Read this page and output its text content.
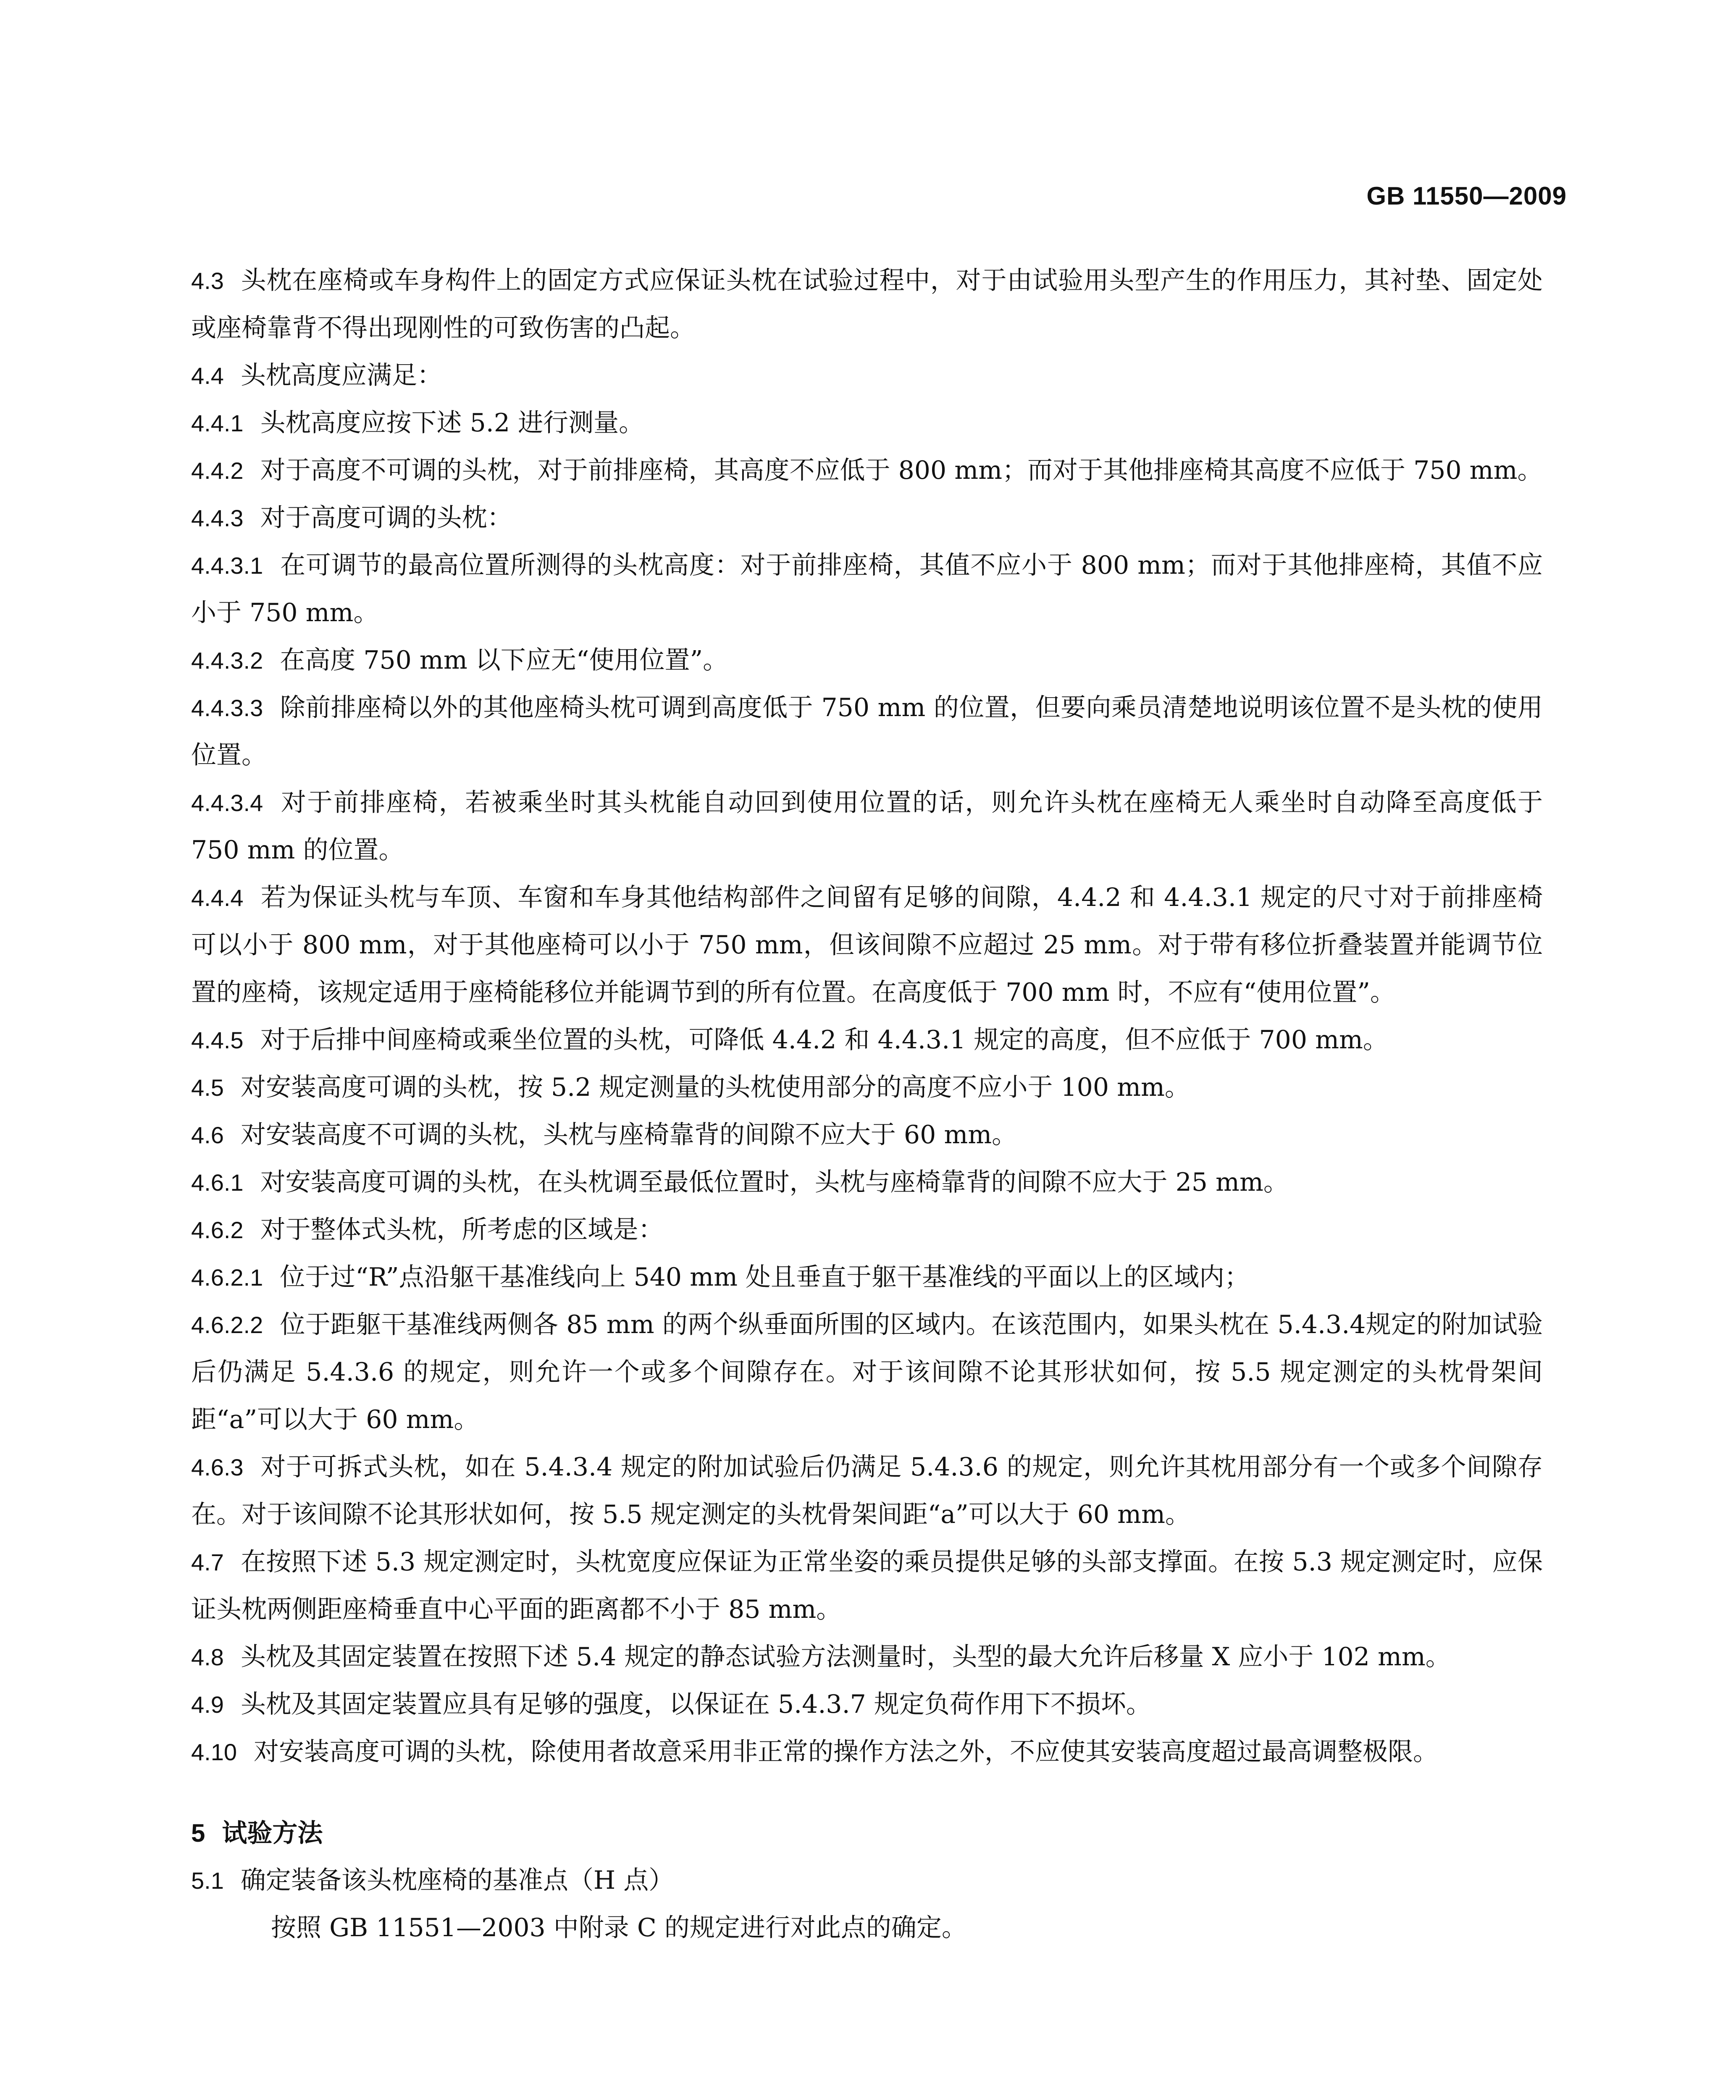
GB 11550—2009

4.3 头枕在座椅或车身构件上的固定方式应保证头枕在试验过程中，对于由试验用头型产生的作用压力，其衬垫、固定处或座椅靠背不得出现刚性的可致伤害的凸起。

4.4 头枕高度应满足：

4.4.1 头枕高度应按下述 5.2 进行测量。

4.4.2 对于高度不可调的头枕，对于前排座椅，其高度不应低于 800 mm；而对于其他排座椅其高度不应低于 750 mm。

4.4.3 对于高度可调的头枕：

4.4.3.1 在可调节的最高位置所测得的头枕高度：对于前排座椅，其值不应小于 800 mm；而对于其他排座椅，其值不应小于 750 mm。

4.4.3.2 在高度 750 mm 以下应无“使用位置”。

4.4.3.3 除前排座椅以外的其他座椅头枕可调到高度低于 750 mm 的位置，但要向乘员清楚地说明该位置不是头枕的使用位置。

4.4.3.4 对于前排座椅，若被乘坐时其头枕能自动回到使用位置的话，则允许头枕在座椅无人乘坐时自动降至高度低于 750 mm 的位置。

4.4.4 若为保证头枕与车顶、车窗和车身其他结构部件之间留有足够的间隙，4.4.2 和 4.4.3.1 规定的尺寸对于前排座椅可以小于 800 mm，对于其他座椅可以小于 750 mm，但该间隙不应超过 25 mm。对于带有移位折叠装置并能调节位置的座椅，该规定适用于座椅能移位并能调节到的所有位置。在高度低于 700 mm 时，不应有“使用位置”。

4.4.5 对于后排中间座椅或乘坐位置的头枕，可降低 4.4.2 和 4.4.3.1 规定的高度，但不应低于 700 mm。

4.5 对安装高度可调的头枕，按 5.2 规定测量的头枕使用部分的高度不应小于 100 mm。

4.6 对安装高度不可调的头枕，头枕与座椅靠背的间隙不应大于 60 mm。

4.6.1 对安装高度可调的头枕，在头枕调至最低位置时，头枕与座椅靠背的间隙不应大于 25 mm。

4.6.2 对于整体式头枕，所考虑的区域是：

4.6.2.1 位于过“R”点沿躯干基准线向上 540 mm 处且垂直于躯干基准线的平面以上的区域内；

4.6.2.2 位于距躯干基准线两侧各 85 mm 的两个纵垂面所围的区域内。在该范围内，如果头枕在 5.4.3.4规定的附加试验后仍满足 5.4.3.6 的规定，则允许一个或多个间隙存在。对于该间隙不论其形状如何，按 5.5 规定测定的头枕骨架间距“a”可以大于 60 mm。

4.6.3 对于可拆式头枕，如在 5.4.3.4 规定的附加试验后仍满足 5.4.3.6 的规定，则允许其枕用部分有一个或多个间隙存在。对于该间隙不论其形状如何，按 5.5 规定测定的头枕骨架间距“a”可以大于 60 mm。

4.7 在按照下述 5.3 规定测定时，头枕宽度应保证为正常坐姿的乘员提供足够的头部支撑面。在按 5.3 规定测定时，应保证头枕两侧距座椅垂直中心平面的距离都不小于 85 mm。

4.8 头枕及其固定装置在按照下述 5.4 规定的静态试验方法测量时，头型的最大允许后移量 X 应小于 102 mm。

4.9 头枕及其固定装置应具有足够的强度，以保证在 5.4.3.7 规定负荷作用下不损坏。

4.10 对安装高度可调的头枕，除使用者故意采用非正常的操作方法之外，不应使其安装高度超过最高调整极限。

5 试验方法

5.1 确定装备该头枕座椅的基准点（H 点）

按照 GB 11551—2003 中附录 C 的规定进行对此点的确定。
